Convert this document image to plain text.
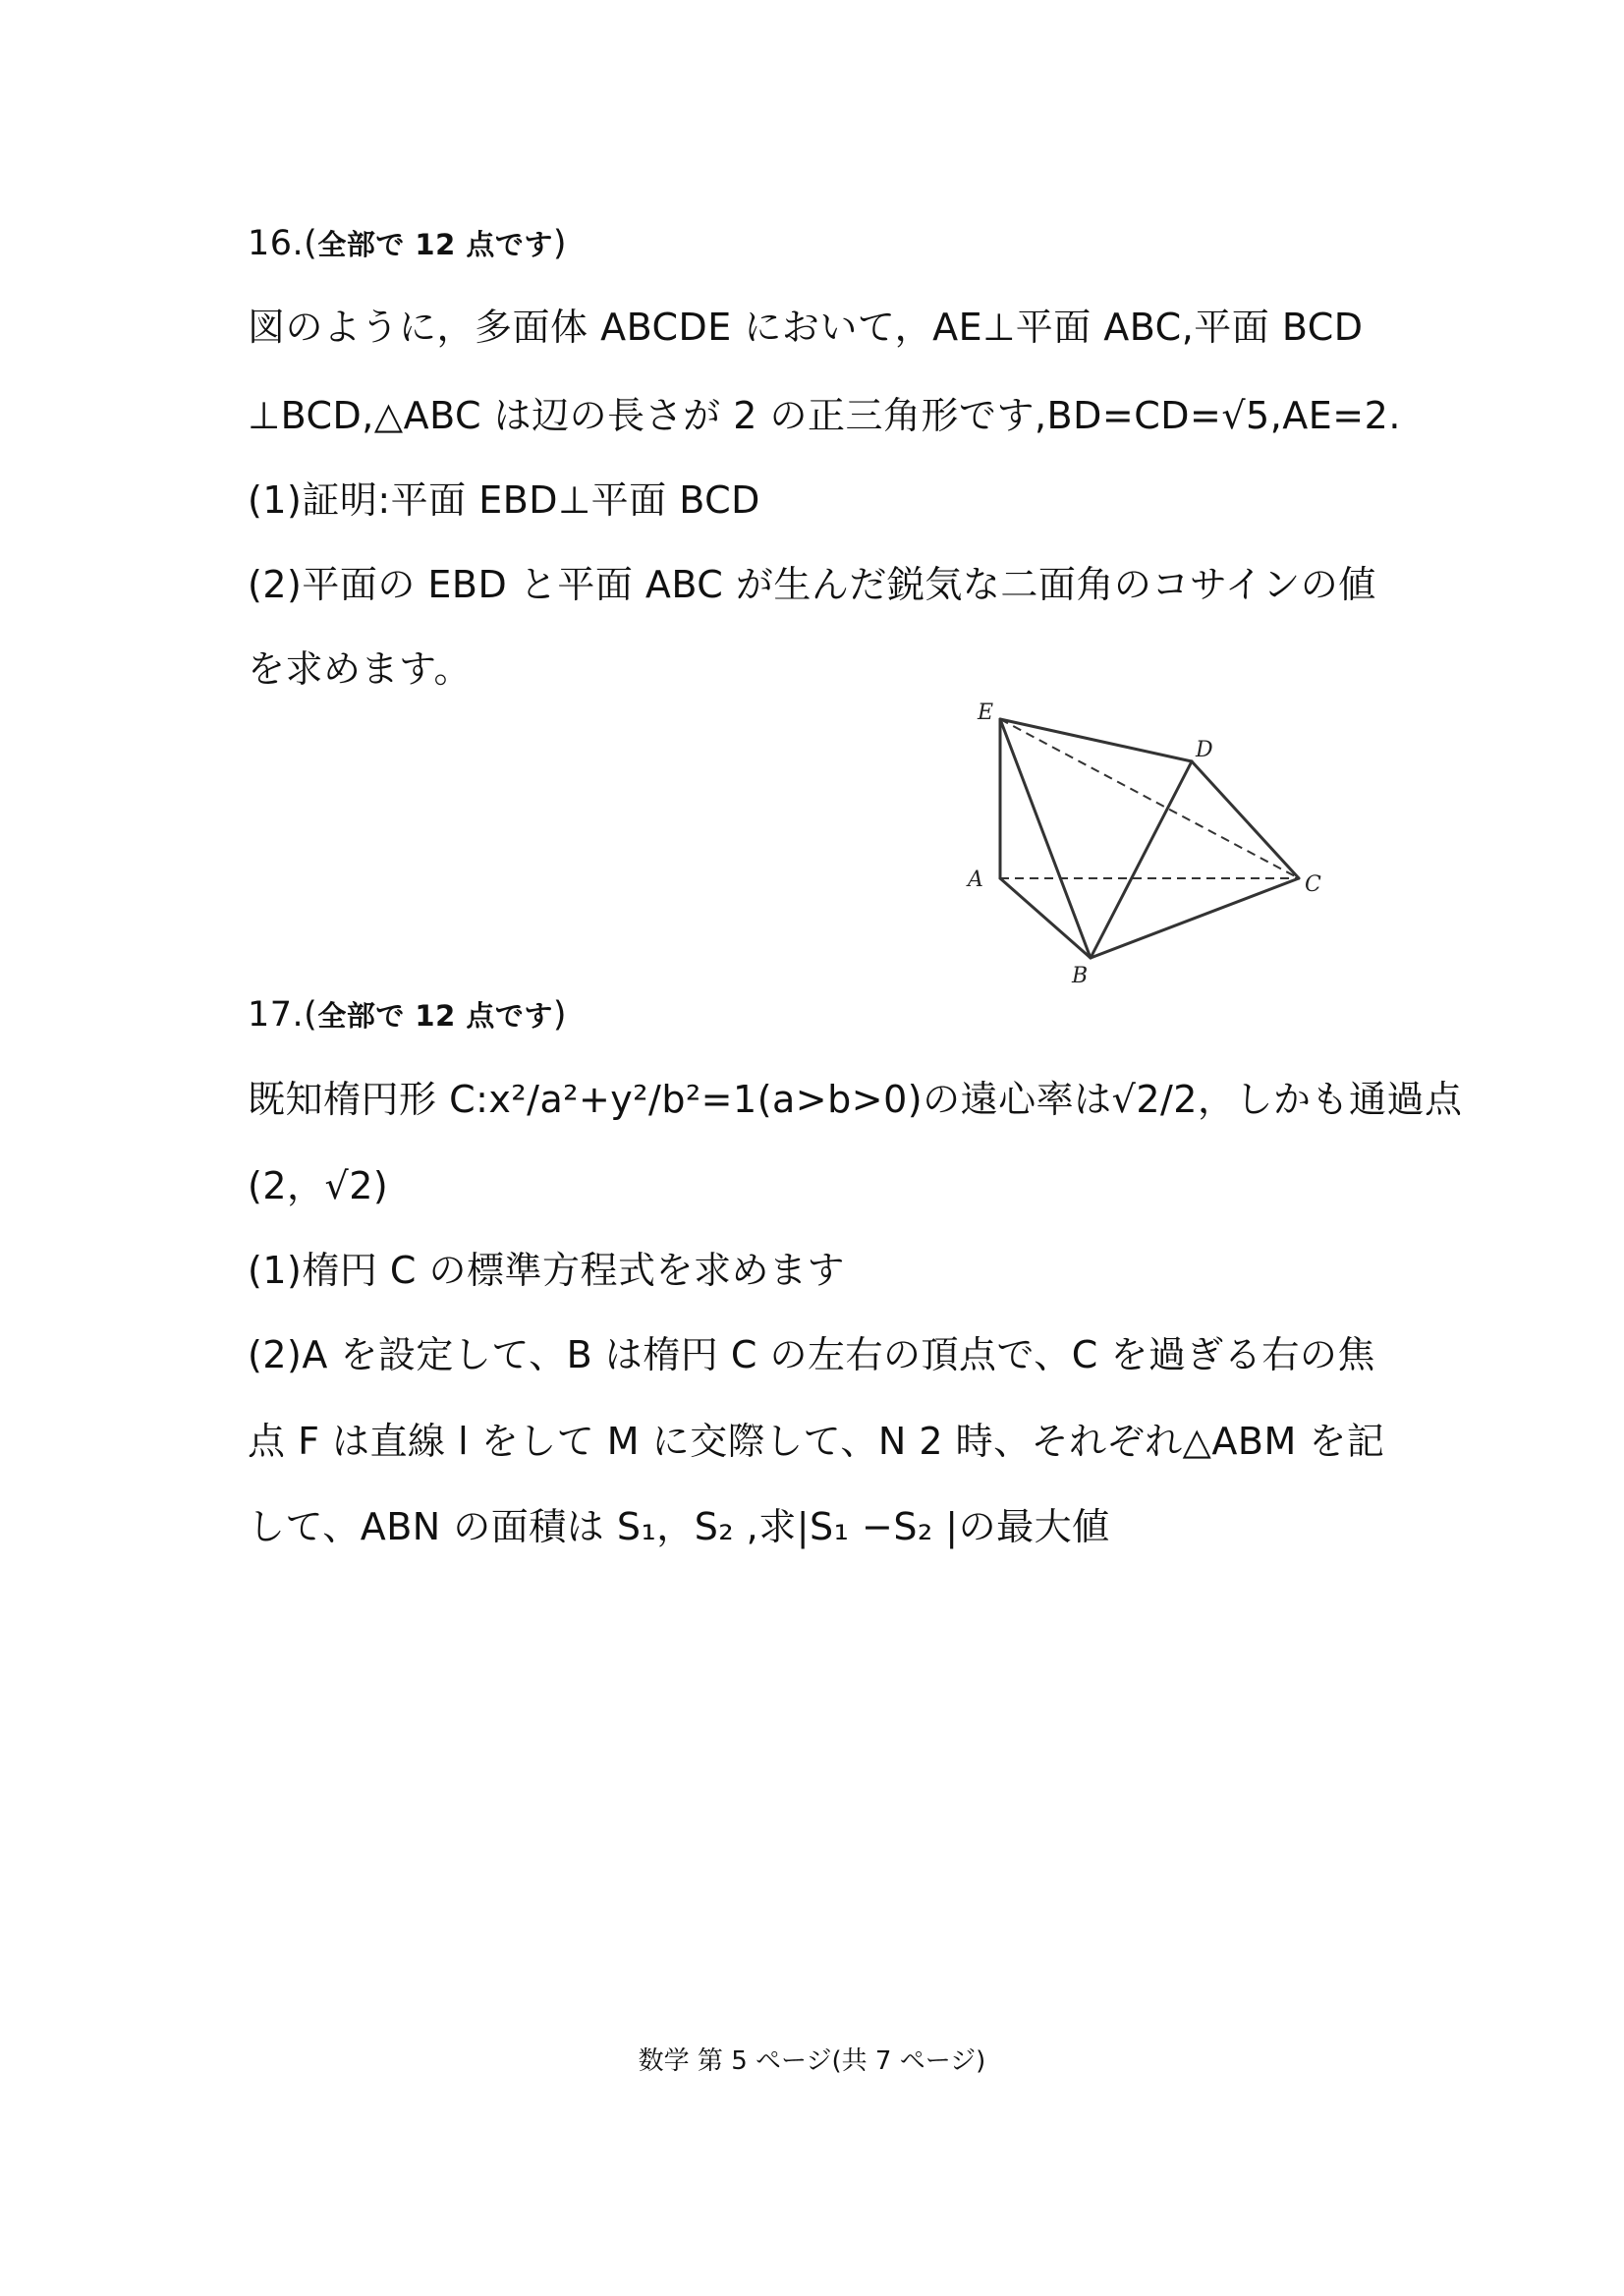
16.(全部で 12 点です)
図のように，多面体 ABCDE において，AE⊥平面 ABC,平面 BCD
⊥BCD,△ABC は辺の長さが 2 の正三角形です,BD=CD=√5,AE=2.
(1)証明:平面 EBD⊥平面 BCD
(2)平面の EBD と平面 ABC が生んだ鋭気な二面角のコサインの値
を求めます。
E
D
A	C
B
17.(全部で 12 点です)
既知楕円形 C:x²/a²+y²/b²=1(a>b>0)の遠心率は√2/2，しかも通過点
(2，√2)
(1)楕円 C の標準方程式を求めます
(2)A を設定して、B は楕円 C の左右の頂点で、C を過ぎる右の焦
点 F は直線 l をして M に交際して、N 2 時、それぞれ△ABM を記
して、ABN の面積は S₁，S₂ ,求|S₁ −S₂ |の最大値
数学 第 5 ページ(共 7 ページ)
